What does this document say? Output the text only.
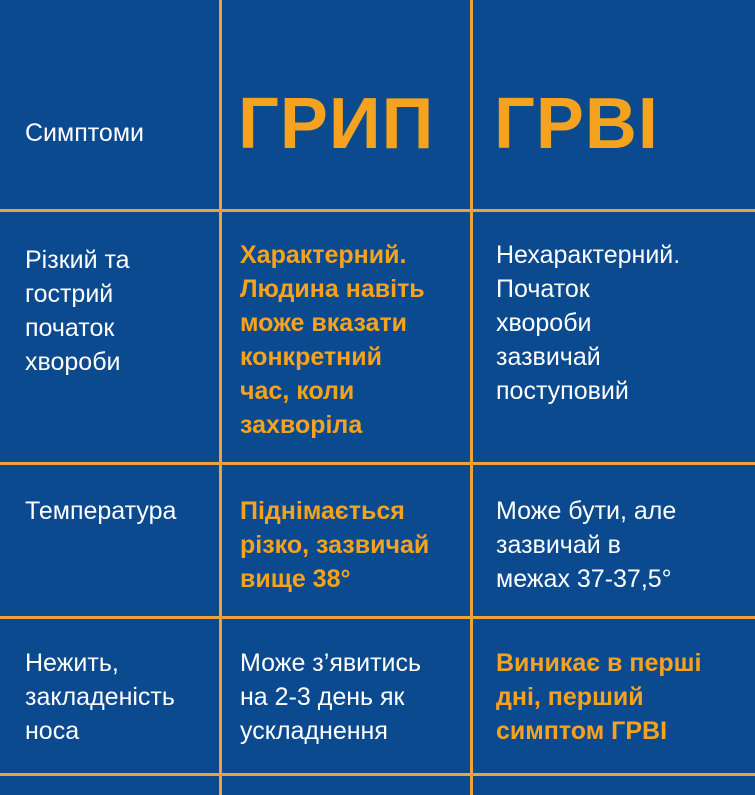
Симптоми	ГРИП ГРВІ
Різкий та
гострий
початок
хвороби
Характерний.
Людина навіть
може вказати
конкретний
час, коли
захворіла
Нехарактерний.
Початок
хвороби
зазвичай
поступовий
Температура	Піднімається
різко, зазвичай
вище 38°
Може бути, але
зазвичай в
межах 37-37,5°
Нежить,
закладеність
носа
Може з’явитись
на 2-3 день як
ускладнення
Виникає в перші
дні, перший
симптом ГРВІ
